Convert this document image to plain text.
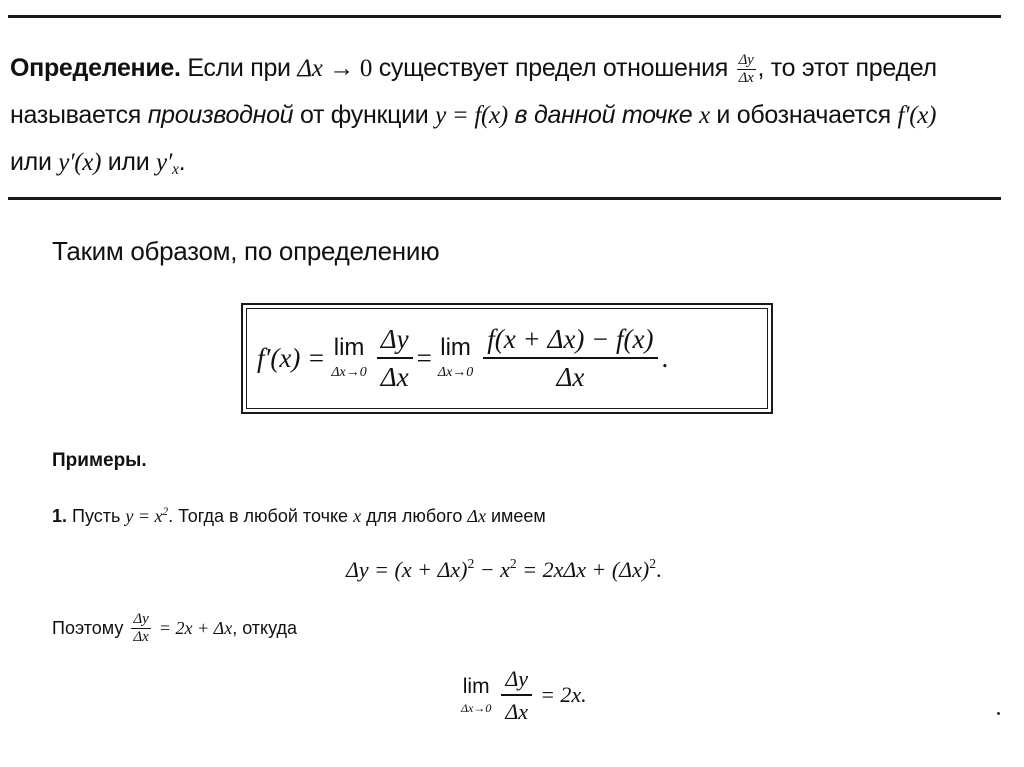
Определение. Если при Δx → 0 существует предел отношения $\frac{\Delta y}{\Delta x}$ , то этот предел
называется производной от функции y = f(x) в данной точке x и обозначается f′(x)
или y′(x) или $y'_x$.
Таким образом, по определению
f′(x) = lim
$\Delta x\to 0 \frac{\Delta y}{\Delta x} = \lim$
$\Delta x\to 0 \frac{f(x + \Delta x) - f(x)}{\Delta x}$ .
Примеры.
1. Пусть $y = x^2$. Тогда в любой точке x для любого Δx имеем
$\Delta y = (x + \Delta x)^2 - x^2 = 2x\Delta x + (\Delta x)^2$.
Поэтому $\frac{\Delta y}{\Delta x} = 2x + \Delta x$ , откуда
lim
$\Delta x\to 0 \frac{\Delta y}{\Delta x} = 2x$.
